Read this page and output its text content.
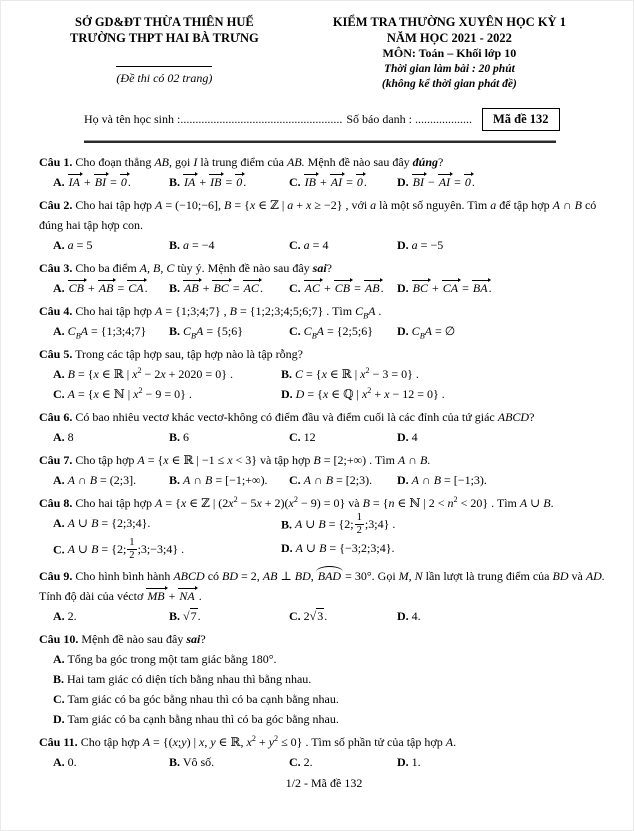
SỞ GD&ĐT THỪA THIÊN HUẾ
TRƯỜNG THPT HAI BÀ TRƯNG
(Đề thi có 02 trang)
KIỂM TRA THƯỜNG XUYÊN HỌC KỲ 1
NĂM HỌC 2021 - 2022
MÔN: Toán – Khối lớp 10
Thời gian làm bài : 20 phút
(không kể thời gian phát đề)
Họ và tên học sinh :...................................................... Số báo danh : ...................	Mã đề 132
Câu 1. Cho đoạn thẳng AB, gọi I là trung điểm của AB. Mệnh đề nào sau đây đúng?
A. IA + BI = 0.	B. IA + IB = 0.	C. IB + AI = 0.	D. BI − AI = 0.
Câu 2. Cho hai tập hợp A = (−10;−6], B = {x ∈ ℤ | a + x ≥ −2} , với a là một số nguyên. Tìm a để tập hợp A ∩ B có đúng hai tập hợp con.
A. a = 5	B. a = −4	C. a = 4	D. a = −5
Câu 3. Cho ba điểm A, B, C tùy ý. Mệnh đề nào sau đây sai?
A. CB + AB = CA.	B. AB + BC = AC.	C. AC + CB = AB.	D. BC + CA = BA.
Câu 4. Cho hai tập hợp A = {1;3;4;7} , B = {1;2;3;4;5;6;7} . Tìm $C_BA$ .
A. $C_BA$ = {1;3;4;7}	B. $C_BA$ = {5;6}	C. $C_BA$ = {2;5;6}	D. $C_BA$ = ∅
Câu 5. Trong các tập hợp sau, tập hợp nào là tập rỗng?
A. B = {x ∈ ℝ | $x^2 - 2x + 2020 = 0$} .	B. C = {x ∈ ℝ | $x^2 - 3 = 0$} .
C. A = {x ∈ ℕ | $x^2 - 9 = 0$} .	D. D = {x ∈ ℚ | $x^2 + x - 12 = 0$} .
Câu 6. Có bao nhiêu vectơ khác vectơ-không có điểm đầu và điểm cuối là các đỉnh của tứ giác ABCD?
A. 8	B. 6	C. 12	D. 4
Câu 7. Cho tập hợp A = {x ∈ ℝ | −1 ≤ x < 3} và tập hợp B = [2;+∞) . Tìm A ∩ B.
A. A ∩ B = (2;3].	B. A ∩ B = [−1;+∞).	C. A ∩ B = [2;3).	D. A ∩ B = [−1;3).
Câu 8. Cho hai tập hợp A = {x ∈ ℤ | $(2x^2 - 5x + 2)(x^2 - 9) = 0$} và B = {n ∈ ℕ | $2 < n^2 < 20$} . Tìm A ∪ B.
A. A ∪ B = {2;3;4}.	B. A ∪ B = {2; $\frac{1}{2}$ ;3;4} .
C. A ∪ B = {2; $\frac{1}{2}$ ;3;−3;4} .	D. A ∪ B = {−3;2;3;4}.
Câu 9. Cho hình bình hành ABCD có BD = 2, AB ⊥ BD, BAD = 30°. Gọi M, N lần lượt là trung điểm của BD và AD. Tính độ dài của véctơ MB + NA .
A. 2.	B. √7.	C. 2√3.	D. 4.
Câu 10. Mệnh đề nào sau đây sai?
A. Tổng ba góc trong một tam giác bằng 180°.
B. Hai tam giác có diện tích bằng nhau thì bằng nhau.
C. Tam giác có ba góc bằng nhau thì có ba cạnh bằng nhau.
D. Tam giác có ba cạnh bằng nhau thì có ba góc bằng nhau.
Câu 11. Cho tập hợp A = {(x;y) | x, y ∈ ℝ, $x^2 + y^2 \le 0$} . Tìm số phần tử của tập hợp A.
A. 0.	B. Vô số.	C. 2.	D. 1.
1/2 - Mã đề 132
